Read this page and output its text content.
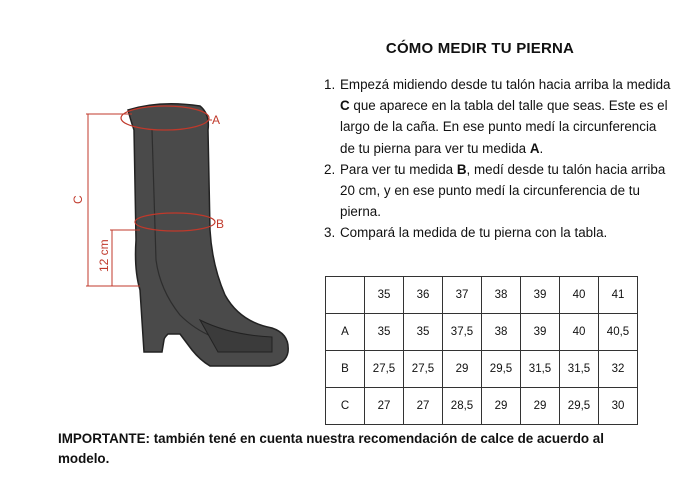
CÓMO MEDIR TU PIERNA
1. Empezá midiendo desde tu talón hacia arriba la medida C que aparece en la tabla del talle que seas. Este es el largo de la caña. En ese punto medí la circunferencia de tu pierna para ver tu medida A.
2. Para ver tu medida B, medí desde tu talón hacia arriba 20 cm, y en ese punto medí la circunferencia de tu pierna.
3. Compará la medida de tu pierna con la tabla.
	35	36	37	38	39	40	41
A	35	35	37,5	38	39	40	40,5
B	27,5	27,5	29	29,5	31,5	31,5	32
C	27	27	28,5	29	29	29,5	30
A
B
C
12 cm
IMPORTANTE: también tené en cuenta nuestra recomendación de calce de acuerdo al modelo.
